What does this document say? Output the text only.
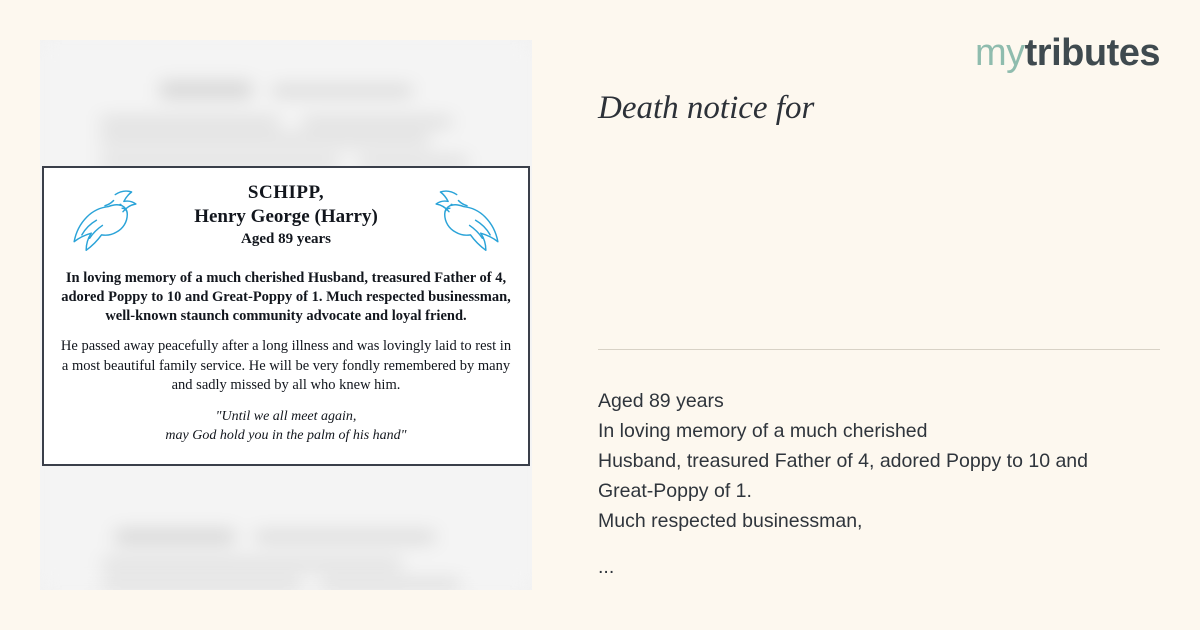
SCHIPP,
Henry George (Harry)
Aged 89 years

In loving memory of a much cherished Husband, treasured Father of 4, adored Poppy to 10 and Great-Poppy of 1. Much respected businessman, well-known staunch community advocate and loyal friend.

He passed away peacefully after a long illness and was lovingly laid to rest in a most beautiful family service. He will be very fondly remembered by many and sadly missed by all who knew him.

"Until we all meet again,
may God hold you in the palm of his hand"
mytributes
Death notice for
Aged 89 years
In loving memory of a much cherished
Husband, treasured Father of 4, adored Poppy to 10 and
Great-Poppy of 1.
Much respected businessman,
...
